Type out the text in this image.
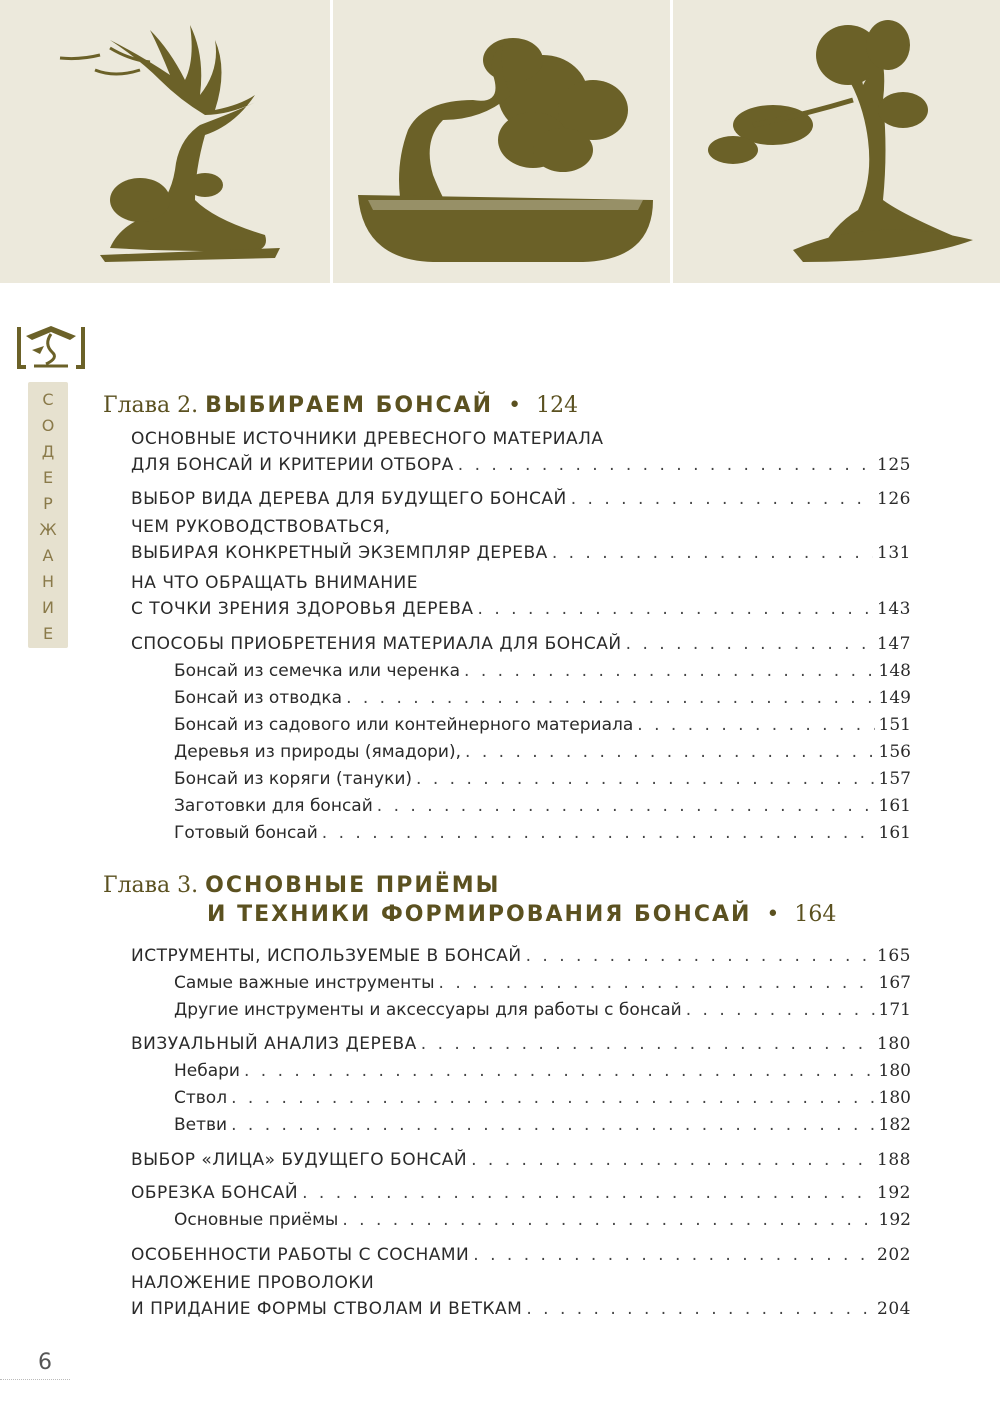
С
О
Д
Е
Р
Ж
А
Н
И
Е
Глава 2. ВЫБИРАЕМ БОНСАЙ • 124
ОСНОВНЫЕ ИСТОЧНИКИ ДРЕВЕСНОГО МАТЕРИАЛА
ДЛЯ БОНСАЙ И КРИТЕРИИ ОТБОРА . . .	125
ВЫБОР ВИДА ДЕРЕВА ДЛЯ БУДУЩЕГО БОНСАЙ . . .	126
ЧЕМ РУКОВОДСТВОВАТЬСЯ,
ВЫБИРАЯ КОНКРЕТНЫЙ ЭКЗЕМПЛЯР ДЕРЕВА . . .	131
НА ЧТО ОБРАЩАТЬ ВНИМАНИЕ
С ТОЧКИ ЗРЕНИЯ ЗДОРОВЬЯ ДЕРЕВА . . .	143
СПОСОБЫ ПРИОБРЕТЕНИЯ МАТЕРИАЛА ДЛЯ БОНСАЙ . . .	147
Бонсай из семечка или черенка . . .	148
Бонсай из отводка . . .	149
Бонсай из садового или контейнерного материала . . .	151
Деревья из природы (ямадори), . . .	156
Бонсай из коряги (тануки) . . .	157
Заготовки для бонсай . . .	161
Готовый бонсай . . .	161
Глава 3. ОСНОВНЫЕ ПРИЁМЫ
И ТЕХНИКИ ФОРМИРОВАНИЯ БОНСАЙ • 164
ИСТРУМЕНТЫ, ИСПОЛЬЗУЕМЫЕ В БОНСАЙ . . .	165
Самые важные инструменты . . .	167
Другие инструменты и аксессуары для работы с бонсай . . .	171
ВИЗУАЛЬНЫЙ АНАЛИЗ ДЕРЕВА . . .	180
Небари . . .	180
Ствол . . .	180
Ветви . . .	182
ВЫБОР «ЛИЦА» БУДУЩЕГО БОНСАЙ . . .	188
ОБРЕЗКА БОНСАЙ . . .	192
Основные приёмы . . .	192
ОСОБЕННОСТИ РАБОТЫ С СОСНАМИ . . .	202
НАЛОЖЕНИЕ ПРОВОЛОКИ
И ПРИДАНИЕ ФОРМЫ СТВОЛАМ И ВЕТКАМ . . .	204
6
